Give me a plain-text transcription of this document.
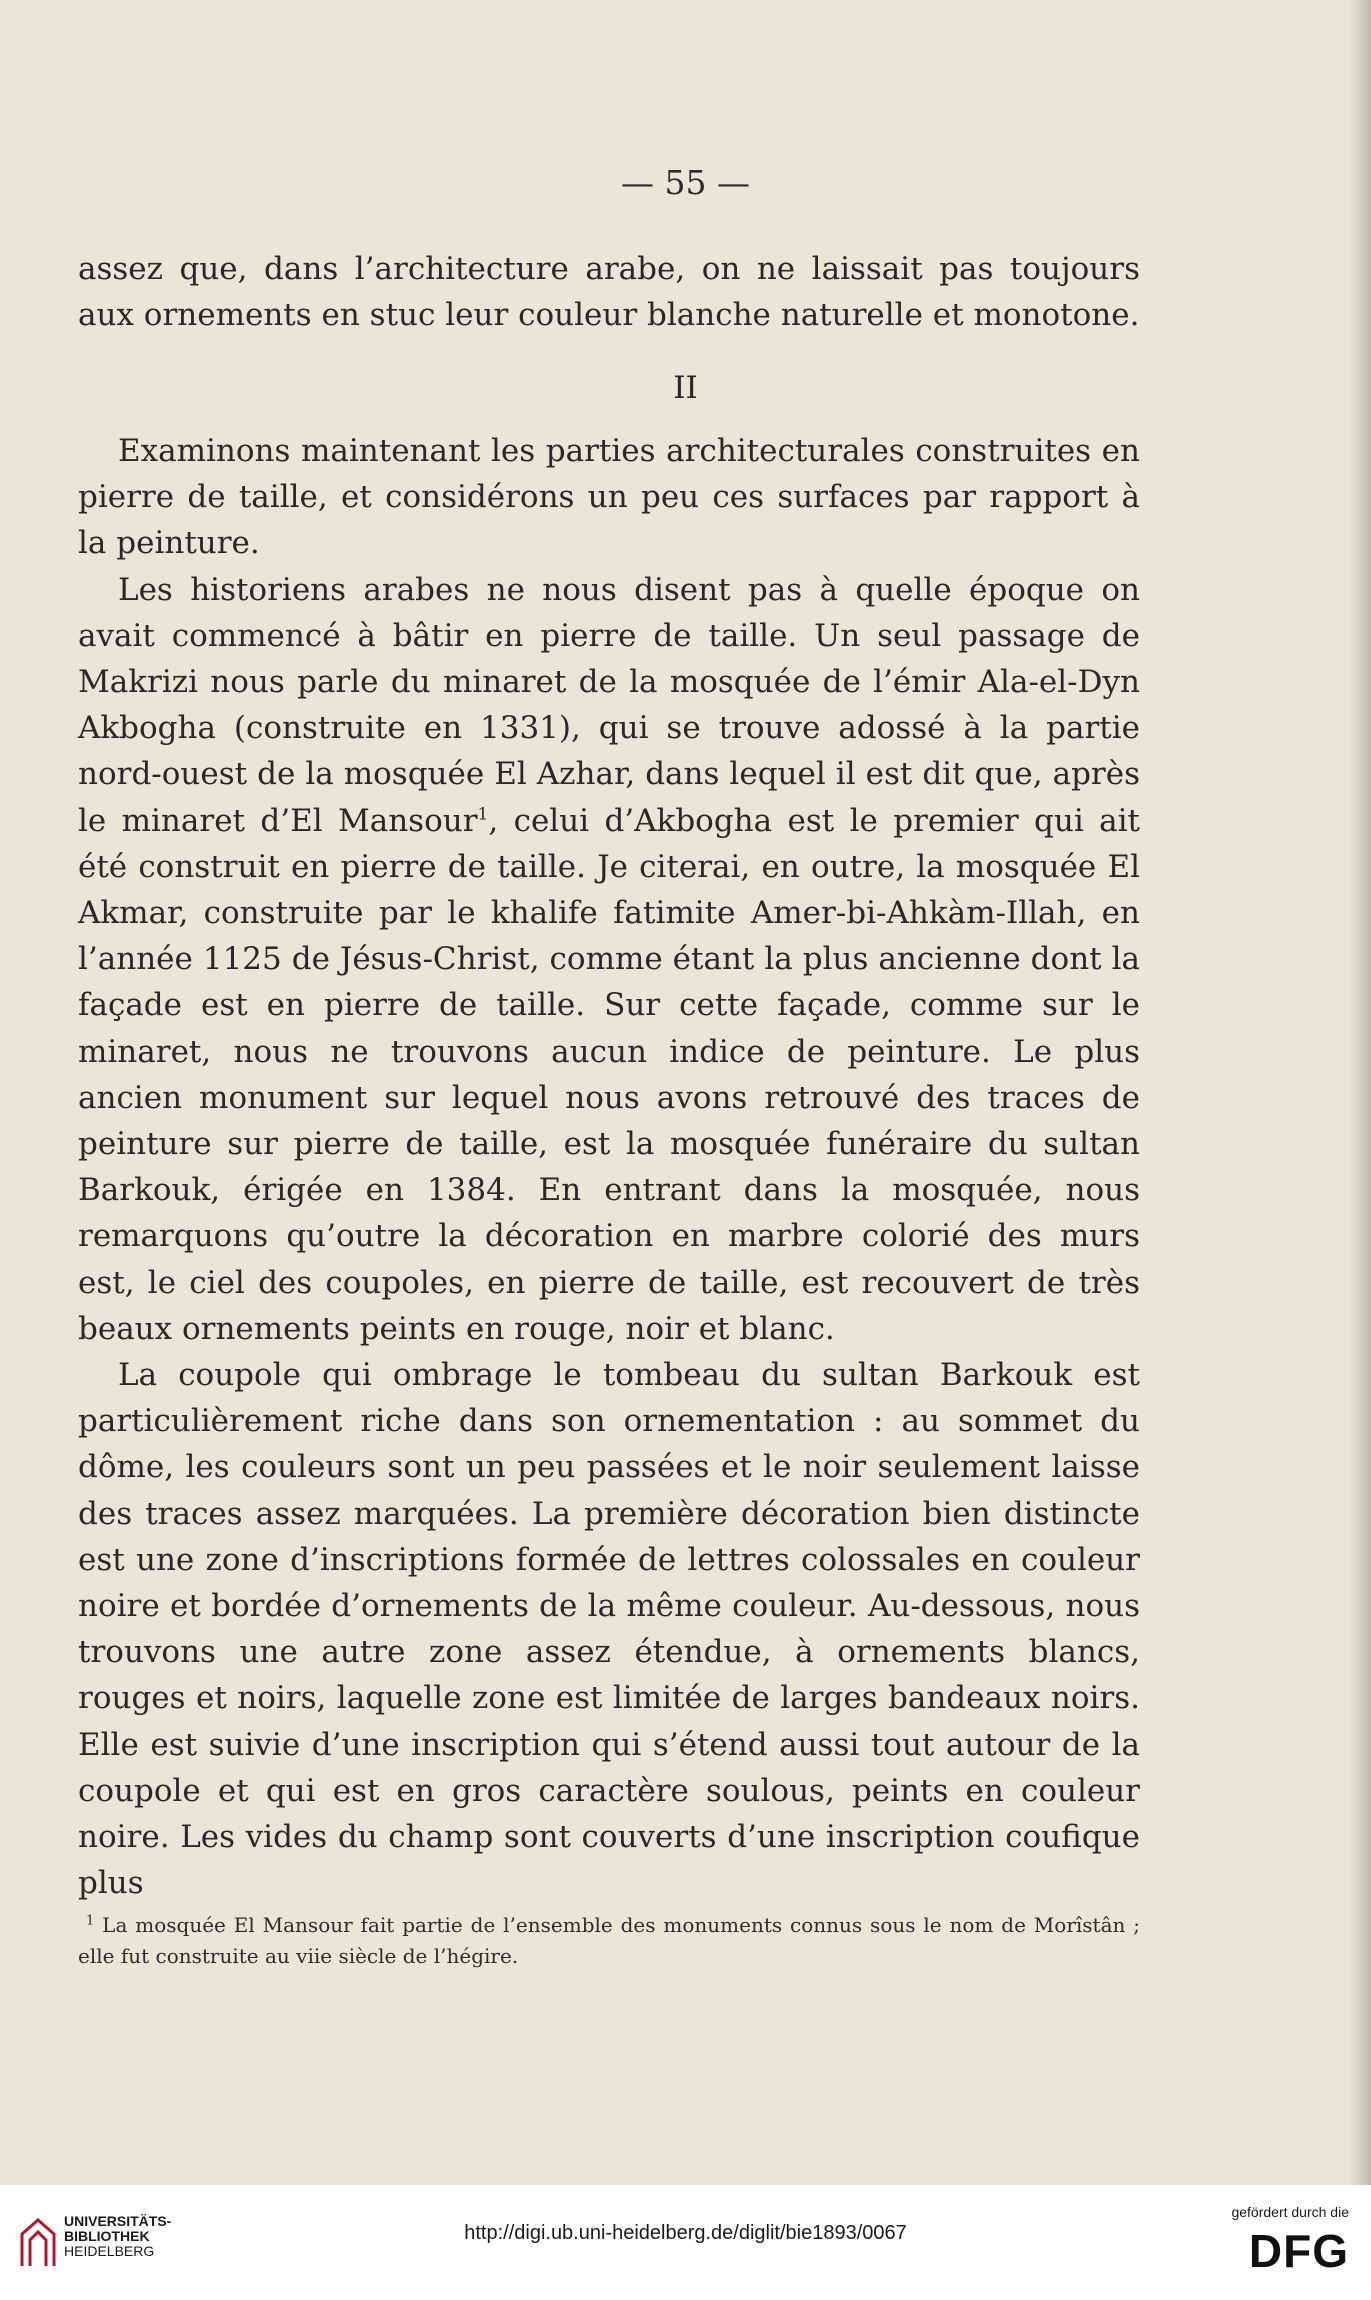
— 55 —

assez que, dans l’architecture arabe, on ne laissait pas toujours aux ornements en stuc leur couleur blanche naturelle et monotone.

II

Examinons maintenant les parties architecturales construites en pierre de taille, et considérons un peu ces surfaces par rapport à la peinture.

Les historiens arabes ne nous disent pas à quelle époque on avait commencé à bâtir en pierre de taille. Un seul passage de Makrizi nous parle du minaret de la mosquée de l’émir Ala-el-Dyn Akbogha (construite en 1331), qui se trouve adossé à la partie nord-ouest de la mosquée El Azhar, dans lequel il est dit que, après le minaret d’El Mansour$^1$, celui d’Akbogha est le premier qui ait été construit en pierre de taille. Je citerai, en outre, la mosquée El Akmar, construite par le khalife fatimite Amer-bi-Ahkàm-Illah, en l’année 1125 de Jésus-Christ, comme étant la plus ancienne dont la façade est en pierre de taille. Sur cette façade, comme sur le minaret, nous ne trouvons aucun indice de peinture. Le plus ancien monument sur lequel nous avons retrouvé des traces de peinture sur pierre de taille, est la mosquée funéraire du sultan Barkouk, érigée en 1384. En entrant dans la mosquée, nous remarquons qu’outre la décoration en marbre colorié des murs est, le ciel des coupoles, en pierre de taille, est recouvert de très beaux ornements peints en rouge, noir et blanc.

La coupole qui ombrage le tombeau du sultan Barkouk est particulièrement riche dans son ornementation : au sommet du dôme, les couleurs sont un peu passées et le noir seulement laisse des traces assez marquées. La première décoration bien distincte est une zone d’inscriptions formée de lettres colossales en couleur noire et bordée d’ornements de la même couleur. Au-dessous, nous trouvons une autre zone assez étendue, à ornements blancs, rouges et noirs, laquelle zone est limitée de larges bandeaux noirs. Elle est suivie d’une inscription qui s’étend aussi tout autour de la coupole et qui est en gros caractère soulous, peints en couleur noire. Les vides du champ sont couverts d’une inscription coufique plus

$^1$ La mosquée El Mansour fait partie de l’ensemble des monuments connus sous le nom de Morîstân ; elle fut construite au viie siècle de l’hégire.

UNIVERSITÄTS-
BIBLIOTHEK
HEIDELBERG
http://digi.ub.uni-heidelberg.de/diglit/bie1893/0067
gefördert durch die
DFG
